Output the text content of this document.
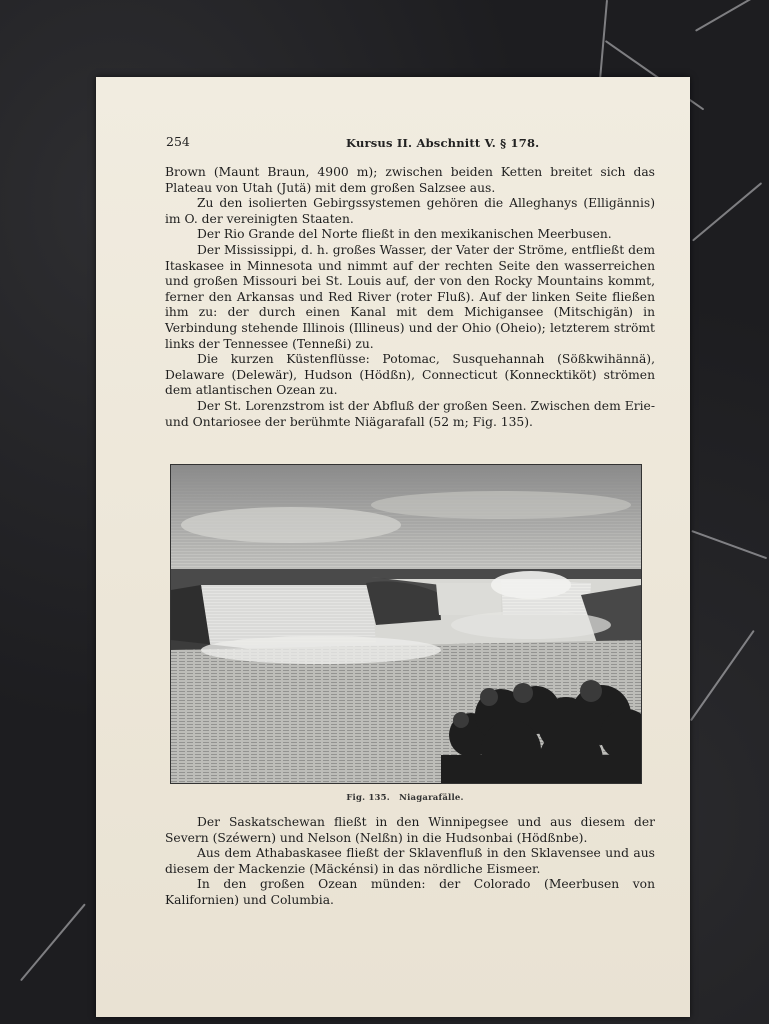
254	Kursus II. Abschnitt V. § 178.

Brown (Maunt Braun, 4900 m); zwischen beiden Ketten breitet sich das Plateau von Utah (Jutä) mit dem großen Salzsee aus.

Zu den isolierten Gebirgssystemen gehören die Alleghanys (Elligännis) im O. der vereinigten Staaten.

Der Rio Grande del Norte fließt in den mexikanischen Meerbusen.

Der Mississippi, d. h. großes Wasser, der Vater der Ströme, entfließt dem Itaskasee in Minnesota und nimmt auf der rechten Seite den wasserreichen und großen Missouri bei St. Louis auf, der von den Rocky Mountains kommt, ferner den Arkansas und Red River (roter Fluß). Auf der linken Seite fließen ihm zu: der durch einen Kanal mit dem Michigansee (Mitschigän) in Verbindung stehende Illinois (Illineus) und der Ohio (Oheio); letzterem strömt links der Tennessee (Tenneßi) zu.

Die kurzen Küstenflüsse: Potomac, Susquehannah (Sößkwihännä), Delaware (Delewär), Hudson (Hödßn), Connecticut (Konnecktiköt) strömen dem atlantischen Ozean zu.

Der St. Lorenzstrom ist der Abfluß der großen Seen. Zwischen dem Erie- und Ontariosee der berühmte Niägarafall (52 m; Fig. 135).

Fig. 135. Niagarafälle.

Der Saskatschewan fließt in den Winnipegsee und aus diesem der Severn (Széwern) und Nelson (Nelßn) in die Hudsonbai (Hödßnbe).

Aus dem Athabaskasee fließt der Sklavenfluß in den Sklavensee und aus diesem der Mackenzie (Mäckénsi) in das nördliche Eismeer.

In den großen Ozean münden: der Colorado (Meerbusen von Kalifornien) und Columbia.
